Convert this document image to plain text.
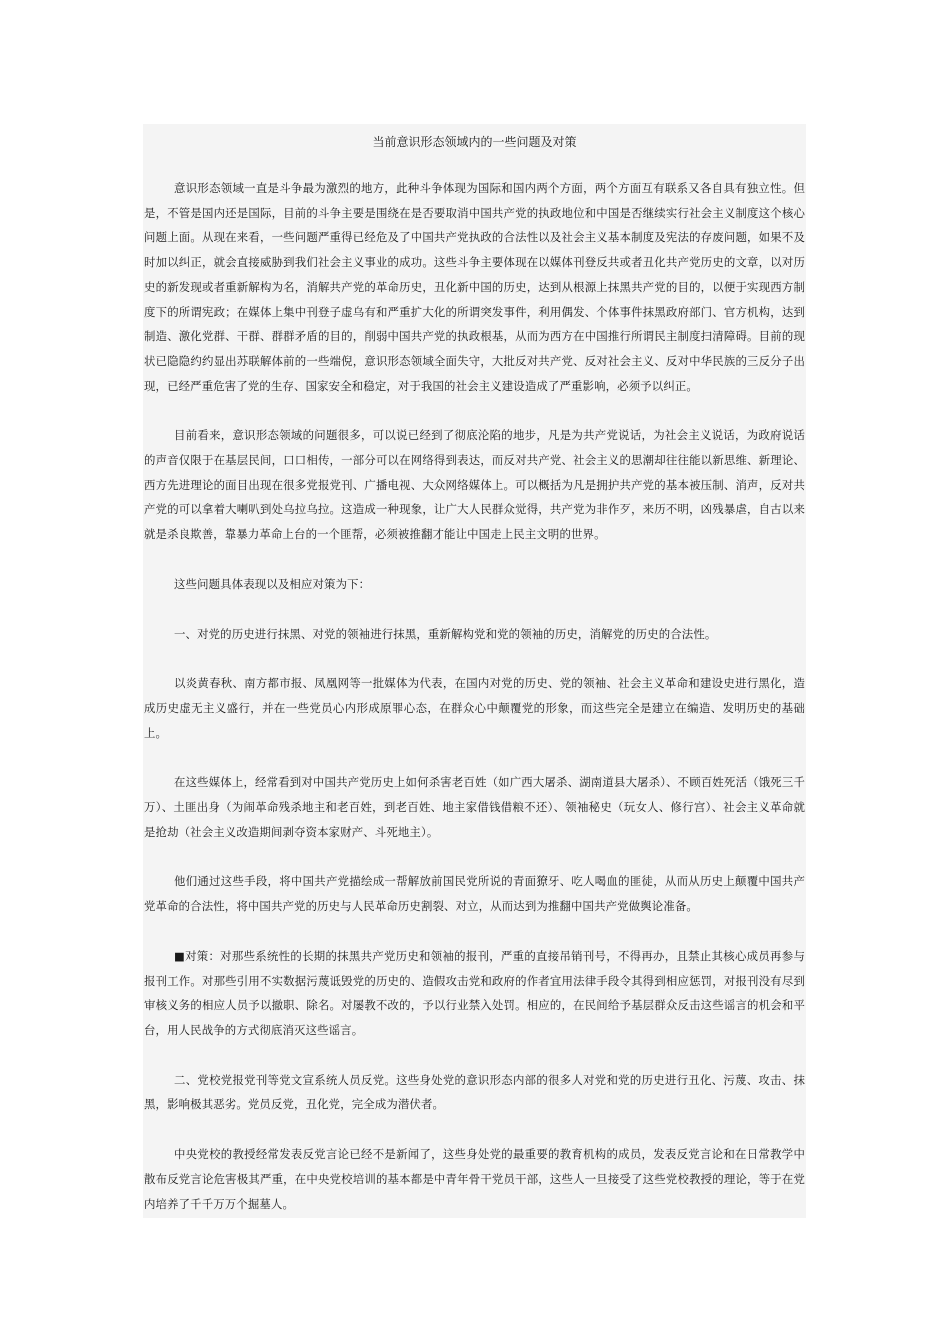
当前意识形态领域内的一些问题及对策

意识形态领域一直是斗争最为激烈的地方，此种斗争体现为国际和国内两个方面，两个方面互有联系又各自具有独立性。但是，不管是国内还是国际，目前的斗争主要是围绕在是否要取消中国共产党的执政地位和中国是否继续实行社会主义制度这个核心问题上面。从现在来看，一些问题严重得已经危及了中国共产党执政的合法性以及社会主义基本制度及宪法的存废问题，如果不及时加以纠正，就会直接威胁到我们社会主义事业的成功。这些斗争主要体现在以媒体刊登反共或者丑化共产党历史的文章，以对历史的新发现或者重新解构为名，消解共产党的革命历史，丑化新中国的历史，达到从根源上抹黑共产党的目的，以便于实现西方制度下的所谓宪政；在媒体上集中刊登子虚乌有和严重扩大化的所谓突发事件，利用偶发、个体事件抹黑政府部门、官方机构，达到制造、激化党群、干群、群群矛盾的目的，削弱中国共产党的执政根基，从而为西方在中国推行所谓民主制度扫清障碍。目前的现状已隐隐约约显出苏联解体前的一些端倪，意识形态领域全面失守，大批反对共产党、反对社会主义、反对中华民族的三反分子出现，已经严重危害了党的生存、国家安全和稳定，对于我国的社会主义建设造成了严重影响，必须予以纠正。

目前看来，意识形态领域的问题很多，可以说已经到了彻底沦陷的地步，凡是为共产党说话，为社会主义说话，为政府说话的声音仅限于在基层民间，口口相传，一部分可以在网络得到表达，而反对共产党、社会主义的思潮却往往能以新思维、新理论、西方先进理论的面目出现在很多党报党刊、广播电视、大众网络媒体上。可以概括为凡是拥护共产党的基本被压制、消声，反对共产党的可以拿着大喇叭到处乌拉乌拉。这造成一种现象，让广大人民群众觉得，共产党为非作歹，来历不明，凶残暴虐，自古以来就是杀良欺善，靠暴力革命上台的一个匪帮，必须被推翻才能让中国走上民主文明的世界。

这些问题具体表现以及相应对策为下：

一、对党的历史进行抹黑、对党的领袖进行抹黑，重新解构党和党的领袖的历史，消解党的历史的合法性。

以炎黄春秋、南方都市报、凤凰网等一批媒体为代表，在国内对党的历史、党的领袖、社会主义革命和建设史进行黑化，造成历史虚无主义盛行，并在一些党员心内形成原罪心态，在群众心中颠覆党的形象，而这些完全是建立在编造、发明历史的基础上。

在这些媒体上，经常看到对中国共产党历史上如何杀害老百姓（如广西大屠杀、湖南道县大屠杀）、不顾百姓死活（饿死三千万）、土匪出身（为闹革命残杀地主和老百姓，到老百姓、地主家借钱借粮不还）、领袖秘史（玩女人、修行宫）、社会主义革命就是抢劫（社会主义改造期间剥夺资本家财产、斗死地主）。

他们通过这些手段，将中国共产党描绘成一帮解放前国民党所说的青面獠牙、吃人喝血的匪徒，从而从历史上颠覆中国共产党革命的合法性，将中国共产党的历史与人民革命历史割裂、对立，从而达到为推翻中国共产党做舆论准备。

■对策：对那些系统性的长期的抹黑共产党历史和领袖的报刊，严重的直接吊销刊号，不得再办，且禁止其核心成员再参与报刊工作。对那些引用不实数据污蔑诋毁党的历史的、造假攻击党和政府的作者宜用法律手段令其得到相应惩罚，对报刊没有尽到审核义务的相应人员予以撤职、除名。对屡教不改的，予以行业禁入处罚。相应的，在民间给予基层群众反击这些谣言的机会和平台，用人民战争的方式彻底消灭这些谣言。

二、党校党报党刊等党文宣系统人员反党。这些身处党的意识形态内部的很多人对党和党的历史进行丑化、污蔑、攻击、抹黑，影响极其恶劣。党员反党，丑化党，完全成为潜伏者。

中央党校的教授经常发表反党言论已经不是新闻了，这些身处党的最重要的教育机构的成员，发表反党言论和在日常教学中散布反党言论危害极其严重，在中央党校培训的基本都是中青年骨干党员干部，这些人一旦接受了这些党校教授的理论，等于在党内培养了千千万万个掘墓人。
